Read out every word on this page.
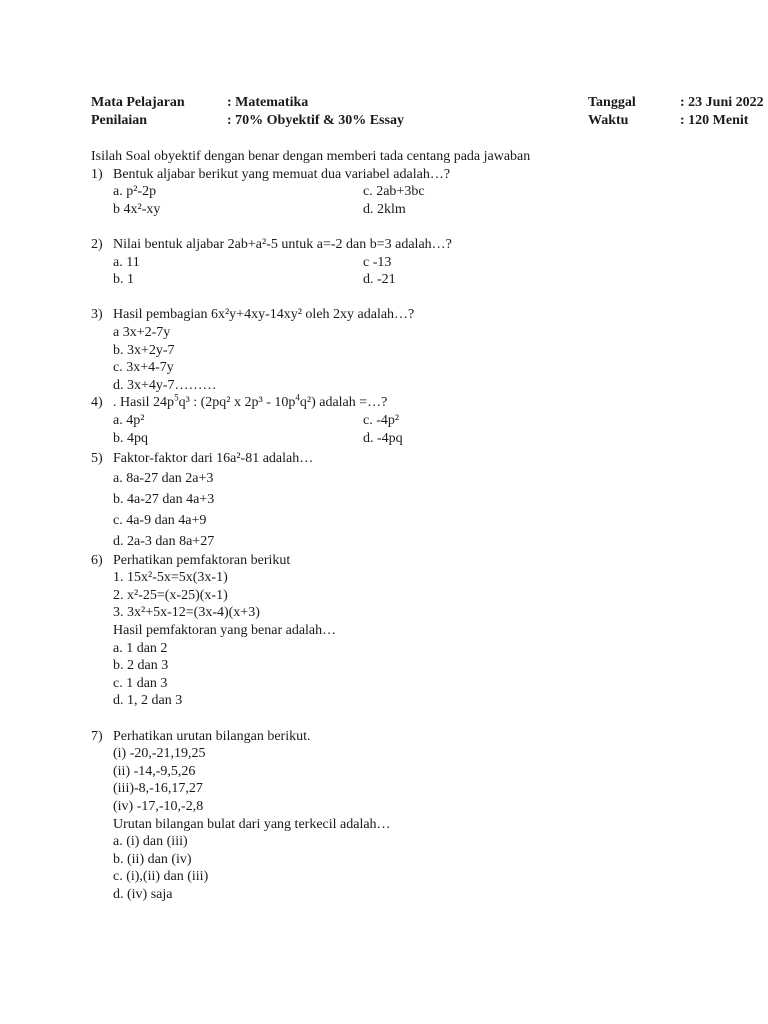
Mata Pelajaran	: Matematika	Tanggal	: 23 Juni 2022
Penilaian	: 70% Obyektif & 30% Essay	Waktu	: 120 Menit
Isilah Soal obyektif dengan benar dengan memberi tada centang pada jawaban
1) Bentuk aljabar berikut yang memuat dua variabel adalah…?
a. p²-2p	c. 2ab+3bc
b 4x²-xy	d. 2klm
2) Nilai bentuk aljabar 2ab+a²-5 untuk a=-2 dan b=3 adalah…?
a. 11	c -13
b. 1	d. -21
3) Hasil pembagian 6x²y+4xy-14xy² oleh 2xy adalah…?
a 3x+2-7y
b. 3x+2y-7
c. 3x+4-7y
d. 3x+4y-7………
4) . Hasil $24p^5q^3$ : (2pq² x $2p^3 - 10p^4q^2$) adalah =…?
a. 4p²	c. -4p²
b. 4pq	d. -4pq
5) Faktor-faktor dari 16a²-81 adalah…
a. 8a-27 dan 2a+3
b. 4a-27 dan 4a+3
c. 4a-9 dan 4a+9
d. 2a-3 dan 8a+27
6) Perhatikan pemfaktoran berikut
1. 15x²-5x=5x(3x-1)
2. x²-25=(x-25)(x-1)
3. 3x²+5x-12=(3x-4)(x+3)
Hasil pemfaktoran yang benar adalah…
a. 1 dan 2
b. 2 dan 3
c. 1 dan 3
d. 1, 2 dan 3
7) Perhatikan urutan bilangan berikut.
(i) -20,-21,19,25
(ii) -14,-9,5,26
(iii)-8,-16,17,27
(iv) -17,-10,-2,8
Urutan bilangan bulat dari yang terkecil adalah…
a. (i) dan (iii)
b. (ii) dan (iv)
c. (i),(ii) dan (iii)
d. (iv) saja
